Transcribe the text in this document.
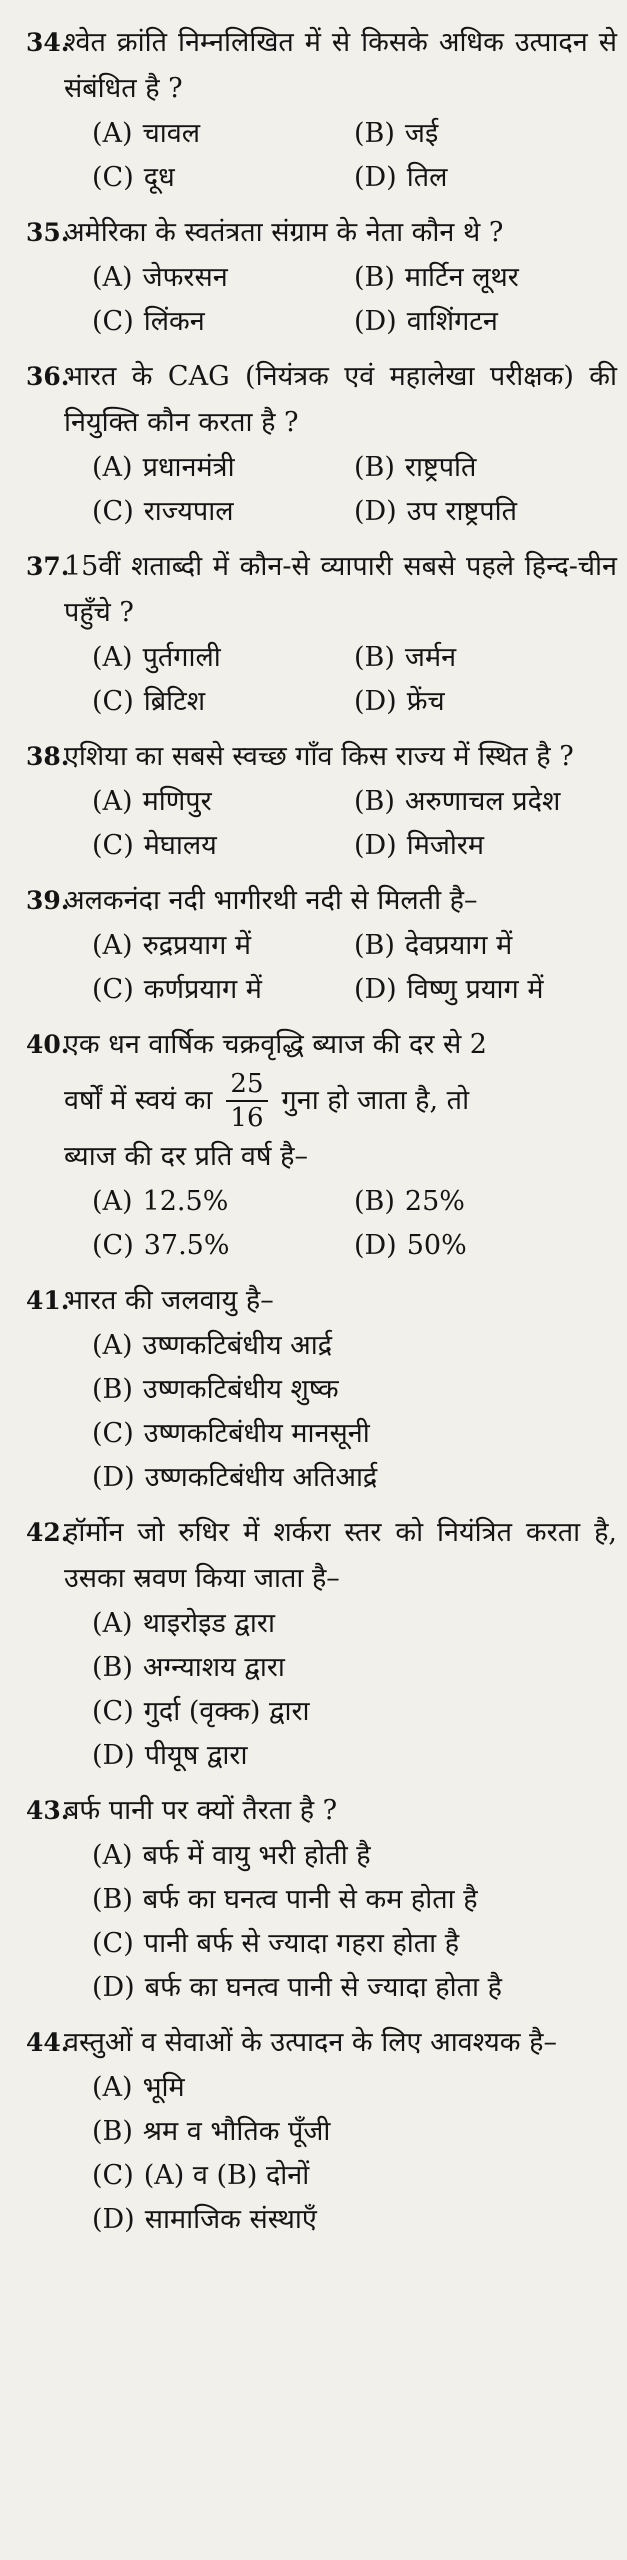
34.

श्वेत क्रांति निम्नलिखित में से किसके अधिक उत्पादन से संबंधित है ?

(A) चावल	(B) जई
(C) दूध	(D) तिल
35.

अमेरिका के स्वतंत्रता संग्राम के नेता कौन थे ?

(A) जेफरसन	(B) मार्टिन लूथर
(C) लिंकन	(D) वाशिंगटन
36.

भारत के CAG (नियंत्रक एवं महालेखा परीक्षक) की नियुक्ति कौन करता है ?

(A) प्रधानमंत्री	(B) राष्ट्रपति
(C) राज्यपाल	(D) उप राष्ट्रपति
37.

15वीं शताब्दी में कौन-से व्यापारी सबसे पहले हिन्द-चीन पहुँचे ?

(A) पुर्तगाली	(B) जर्मन
(C) ब्रिटिश	(D) फ्रेंच
38.

एशिया का सबसे स्वच्छ गाँव किस राज्य में स्थित है ?

(A) मणिपुर	(B) अरुणाचल प्रदेश
(C) मेघालय	(D) मिजोरम
39.

अलकनंदा नदी भागीरथी नदी से मिलती है–

(A) रुद्रप्रयाग में	(B) देवप्रयाग में
(C) कर्णप्रयाग में	(D) विष्णु प्रयाग में
40.

एक धन वार्षिक चक्रवृद्धि ब्याज की दर से 2

वर्षों में स्वयं का $\frac{25}{16}$ गुना हो जाता है, तो

ब्याज की दर प्रति वर्ष है–

(A) 12.5%	(B) 25%
(C) 37.5%	(D) 50%
41.

भारत की जलवायु है–

(A) उष्णकटिबंधीय आर्द्र
(B) उष्णकटिबंधीय शुष्क
(C) उष्णकटिबंधीय मानसूनी
(D) उष्णकटिबंधीय अतिआर्द्र
42.

हॉर्मोन जो रुधिर में शर्करा स्तर को नियंत्रित करता है, उसका स्रवण किया जाता है–

(A) थाइरोइड द्वारा
(B) अग्न्याशय द्वारा
(C) गुर्दा (वृक्क) द्वारा
(D) पीयूष द्वारा
43.

बर्फ पानी पर क्यों तैरता है ?

(A) बर्फ में वायु भरी होती है
(B) बर्फ का घनत्व पानी से कम होता है
(C) पानी बर्फ से ज्यादा गहरा होता है
(D) बर्फ का घनत्व पानी से ज्यादा होता है
44.

वस्तुओं व सेवाओं के उत्पादन के लिए आवश्यक है–

(A) भूमि
(B) श्रम व भौतिक पूँजी
(C) (A) व (B) दोनों
(D) सामाजिक संस्थाएँ
